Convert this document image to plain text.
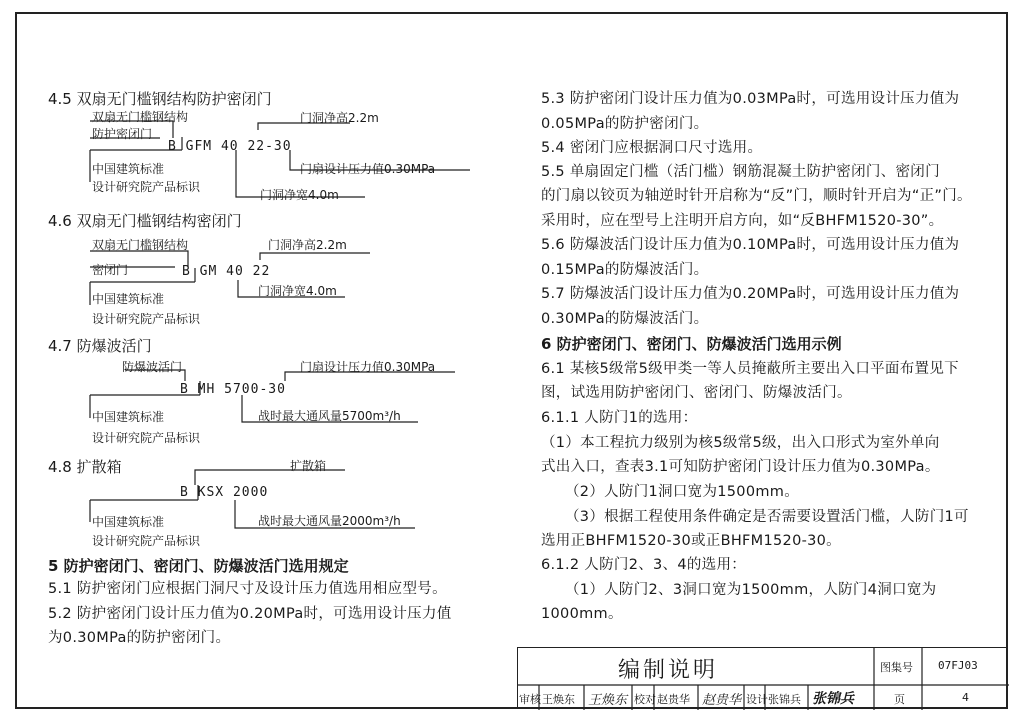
4.5 双扇无门槛钢结构防护密闭门
双扇无门槛钢结构
防护密闭门
B GFM 40 22-30
门洞净高2.2m
门扇设计压力值0.30MPa
门洞净宽4.0m
中国建筑标准
设计研究院产品标识
4.6 双扇无门槛钢结构密闭门
双扇无门槛钢结构
密闭门	B GM 40 22
门洞净高2.2m
门洞净宽4.0m
中国建筑标准
设计研究院产品标识
4.7 防爆波活门
防爆波活门
B MH 5700-30
门扇设计压力值0.30MPa
战时最大通风量5700m³/h
中国建筑标准
设计研究院产品标识
4.8 扩散箱	扩散箱
B KSX 2000
战时最大通风量2000m³/h
中国建筑标准
设计研究院产品标识
5 防护密闭门、密闭门、防爆波活门选用规定
5.1 防护密闭门应根据门洞尺寸及设计压力值选用相应型号。
5.2 防护密闭门设计压力值为0.20MPa时，可选用设计压力值
为0.30MPa的防护密闭门。
5.3 防护密闭门设计压力值为0.03MPa时，可选用设计压力值为
0.05MPa的防护密闭门。
5.4 密闭门应根据洞口尺寸选用。
5.5 单扇固定门槛（活门槛）钢筋混凝土防护密闭门、密闭门
的门扇以铰页为轴逆时针开启称为“反”门，顺时针开启为“正”门。
采用时，应在型号上注明开启方向，如“反BHFM1520-30”。
5.6 防爆波活门设计压力值为0.10MPa时，可选用设计压力值为
0.15MPa的防爆波活门。
5.7 防爆波活门设计压力值为0.20MPa时，可选用设计压力值为
0.30MPa的防爆波活门。
6 防护密闭门、密闭门、防爆波活门选用示例
6.1 某核5级常5级甲类一等人员掩蔽所主要出入口平面布置见下
图，试选用防护密闭门、密闭门、防爆波活门。
6.1.1 人防门1的选用：
（1）本工程抗力级别为核5级常5级，出入口形式为室外单向
式出入口，查表3.1可知防护密闭门设计压力值为0.30MPa。
（2）人防门1洞口宽为1500mm。
（3）根据工程使用条件确定是否需要设置活门槛，人防门1可
选用正BHFM1520-30或正BHFM1520-30。
6.1.2 人防门2、3、4的选用：
（1）人防门2、3洞口宽为1500mm，人防门4洞口宽为
1000mm。
编制说明	图集号 07FJ03
审核 王焕东 王焕东 校对 赵贵华 赵贵华 设计 张锦兵 张锦兵	页	4
